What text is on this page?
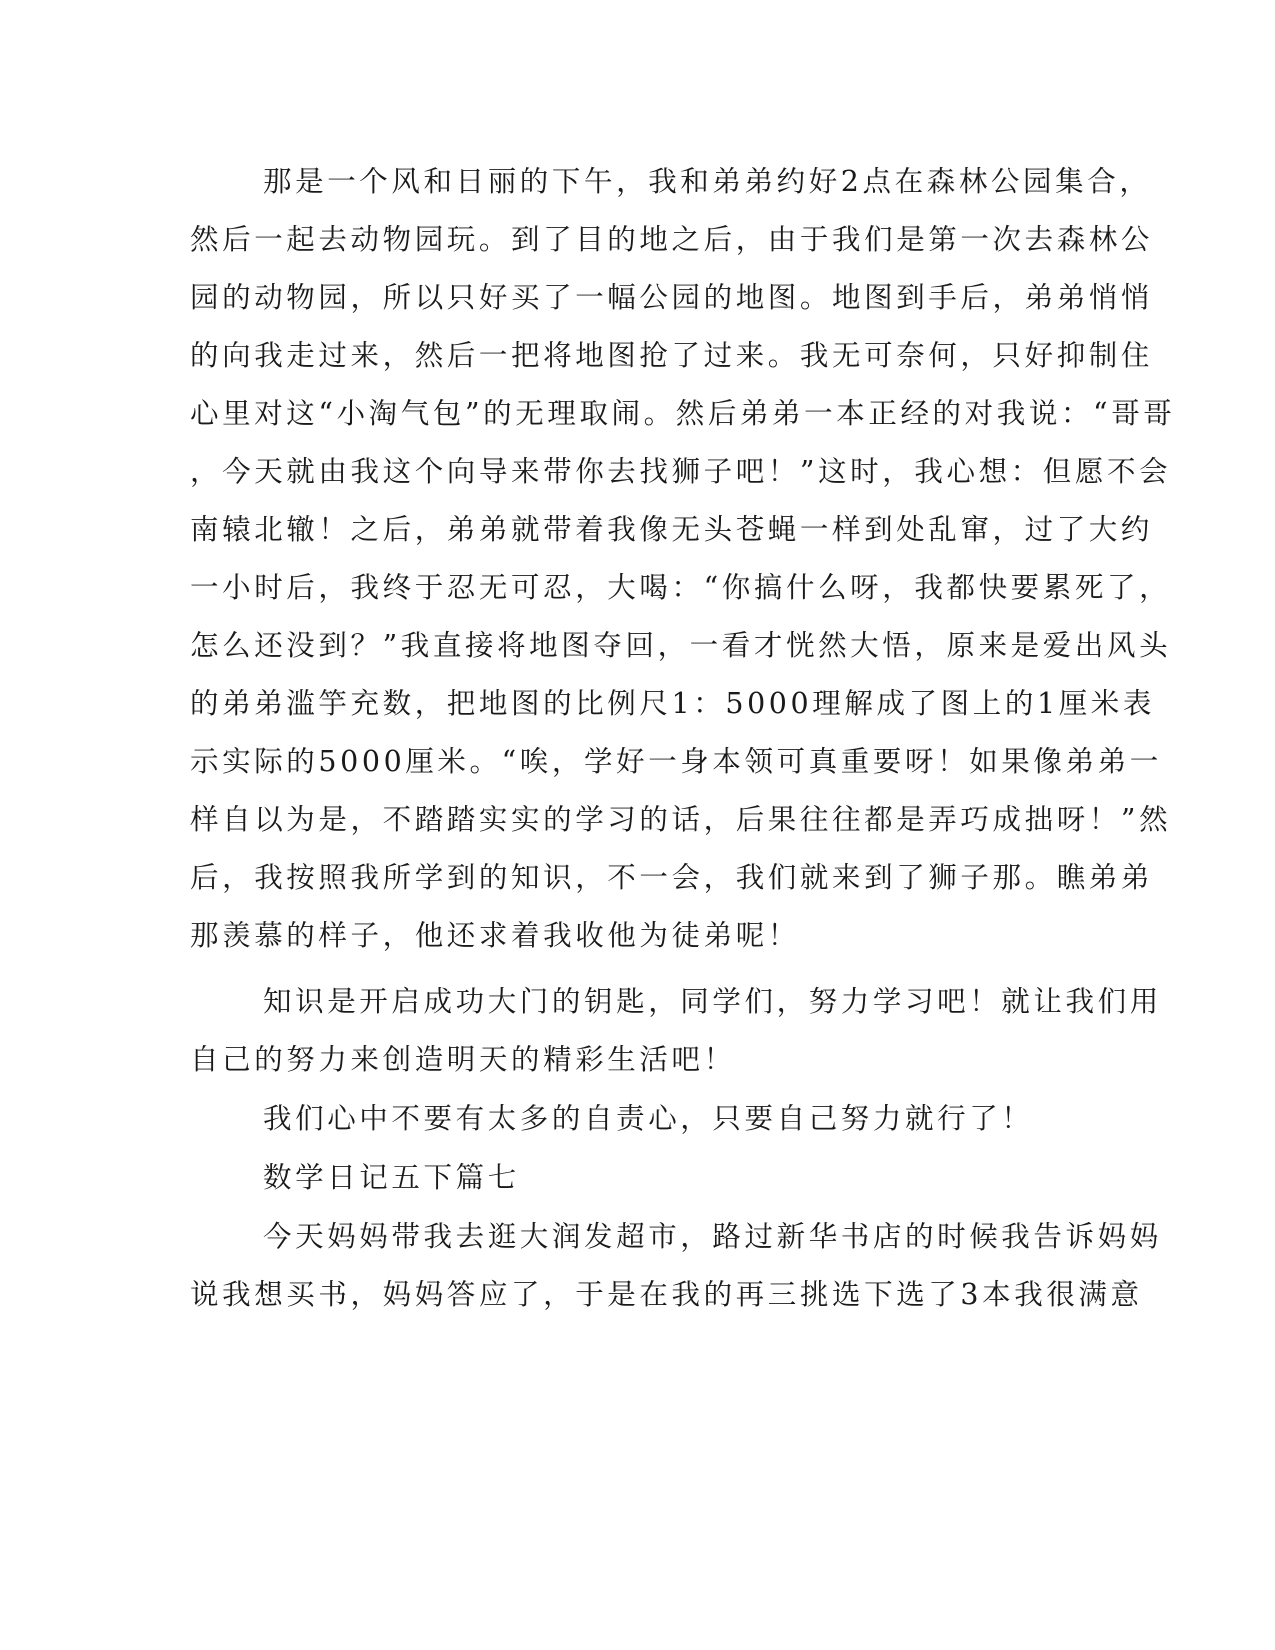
那是一个风和日丽的下午，我和弟弟约好2点在森林公园集合，
然后一起去动物园玩。到了目的地之后，由于我们是第一次去森林公
园的动物园，所以只好买了一幅公园的地图。地图到手后，弟弟悄悄
的向我走过来，然后一把将地图抢了过来。我无可奈何，只好抑制住
心里对这“小淘气包”的无理取闹。然后弟弟一本正经的对我说：“哥哥
，今天就由我这个向导来带你去找狮子吧！”这时，我心想：但愿不会
南辕北辙！之后，弟弟就带着我像无头苍蝇一样到处乱窜，过了大约
一小时后，我终于忍无可忍，大喝：“你搞什么呀，我都快要累死了，
怎么还没到？”我直接将地图夺回，一看才恍然大悟，原来是爱出风头
的弟弟滥竽充数，把地图的比例尺1：5000理解成了图上的1厘米表
示实际的5000厘米。“唉，学好一身本领可真重要呀！如果像弟弟一
样自以为是，不踏踏实实的学习的话，后果往往都是弄巧成拙呀！”然
后，我按照我所学到的知识，不一会，我们就来到了狮子那。瞧弟弟
那羡慕的样子，他还求着我收他为徒弟呢！
知识是开启成功大门的钥匙，同学们，努力学习吧！就让我们用
自己的努力来创造明天的精彩生活吧！
我们心中不要有太多的自责心，只要自己努力就行了！
数学日记五下篇七
今天妈妈带我去逛大润发超市，路过新华书店的时候我告诉妈妈
说我想买书，妈妈答应了，于是在我的再三挑选下选了3本我很满意
